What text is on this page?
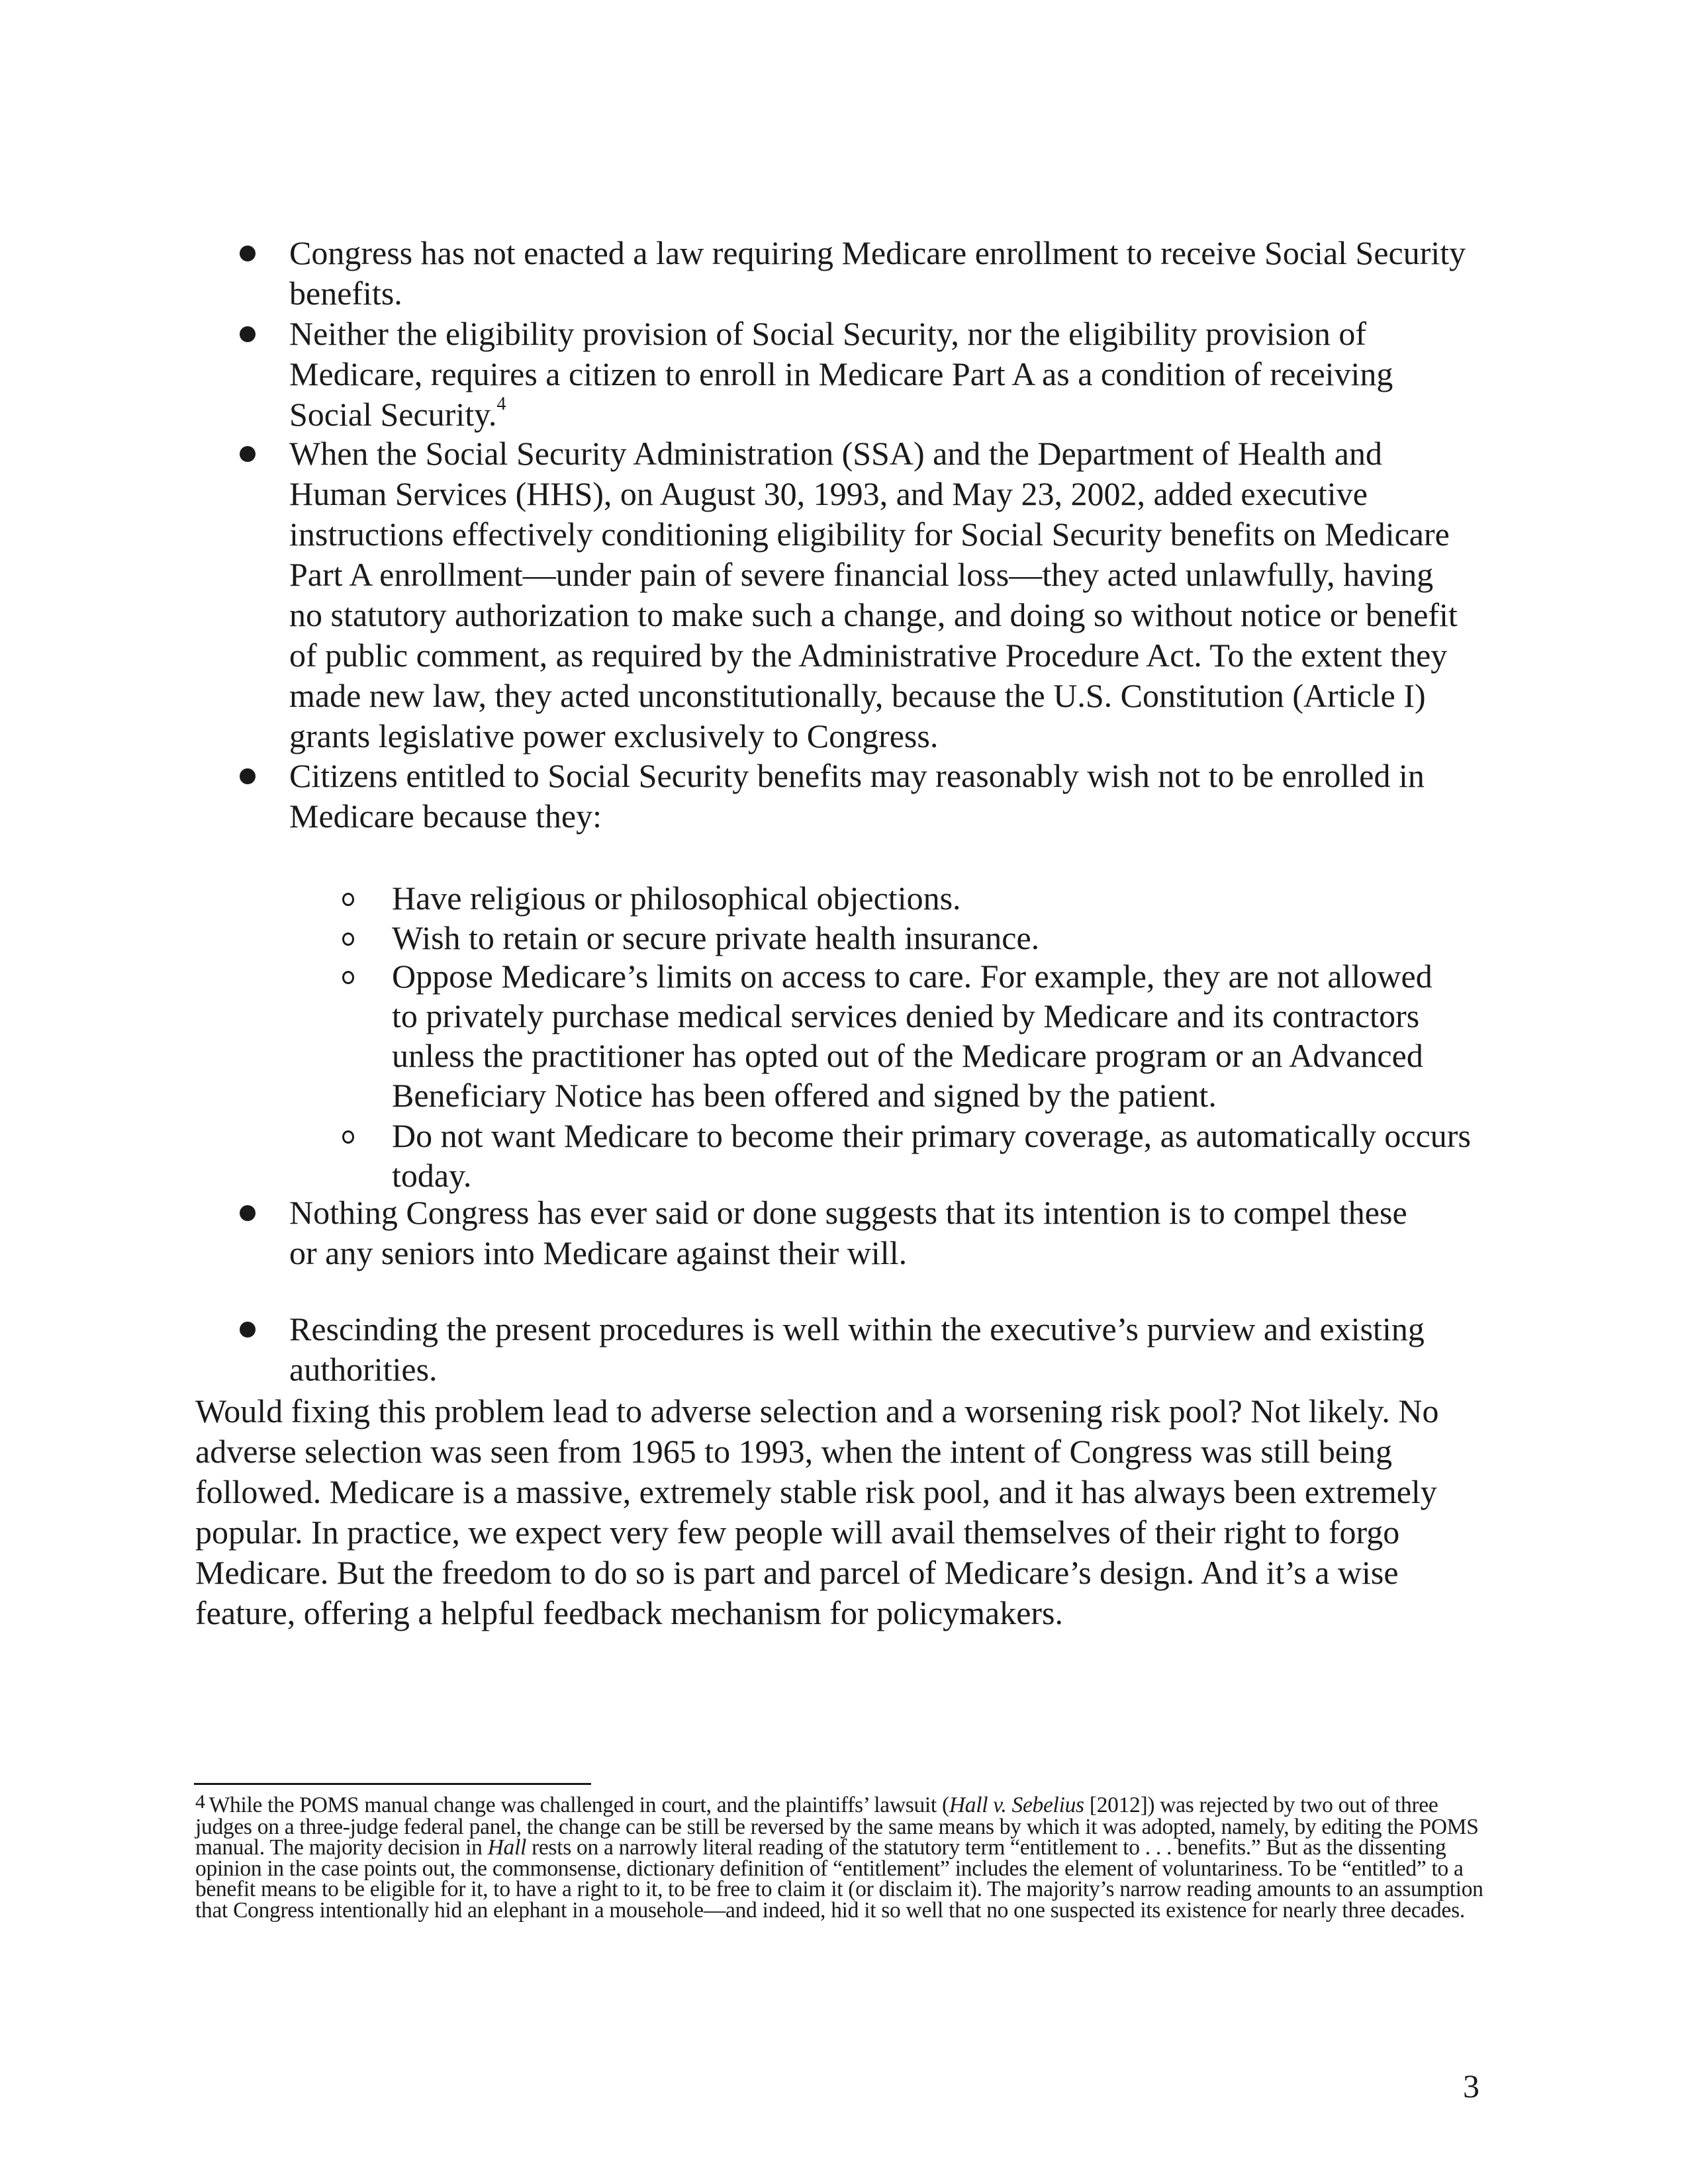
Congress has not enacted a law requiring Medicare enrollment to receive Social Security benefits.
Neither the eligibility provision of Social Security, nor the eligibility provision of Medicare, requires a citizen to enroll in Medicare Part A as a condition of receiving Social Security.$^4$
When the Social Security Administration (SSA) and the Department of Health and Human Services (HHS), on August 30, 1993, and May 23, 2002, added executive instructions effectively conditioning eligibility for Social Security benefits on Medicare Part A enrollment—under pain of severe financial loss—they acted unlawfully, having no statutory authorization to make such a change, and doing so without notice or benefit of public comment, as required by the Administrative Procedure Act. To the extent they made new law, they acted unconstitutionally, because the U.S. Constitution (Article I) grants legislative power exclusively to Congress.
Citizens entitled to Social Security benefits may reasonably wish not to be enrolled in Medicare because they:
Have religious or philosophical objections.
Wish to retain or secure private health insurance.
Oppose Medicare’s limits on access to care. For example, they are not allowed to privately purchase medical services denied by Medicare and its contractors unless the practitioner has opted out of the Medicare program or an Advanced Beneficiary Notice has been offered and signed by the patient.
Do not want Medicare to become their primary coverage, as automatically occurs today.
Nothing Congress has ever said or done suggests that its intention is to compel these or any seniors into Medicare against their will.
Rescinding the present procedures is well within the executive’s purview and existing authorities.
Would fixing this problem lead to adverse selection and a worsening risk pool? Not likely. No adverse selection was seen from 1965 to 1993, when the intent of Congress was still being followed. Medicare is a massive, extremely stable risk pool, and it has always been extremely popular. In practice, we expect very few people will avail themselves of their right to forgo Medicare. But the freedom to do so is part and parcel of Medicare’s design. And it’s a wise feature, offering a helpful feedback mechanism for policymakers.
4 While the POMS manual change was challenged in court, and the plaintiffs’ lawsuit (Hall v. Sebelius [2012]) was rejected by two out of three judges on a three-judge federal panel, the change can be still be reversed by the same means by which it was adopted, namely, by editing the POMS manual. The majority decision in Hall rests on a narrowly literal reading of the statutory term “entitlement to . . . benefits.” But as the dissenting opinion in the case points out, the commonsense, dictionary definition of “entitlement” includes the element of voluntariness. To be “entitled” to a benefit means to be eligible for it, to have a right to it, to be free to claim it (or disclaim it). The majority’s narrow reading amounts to an assumption that Congress intentionally hid an elephant in a mousehole—and indeed, hid it so well that no one suspected its existence for nearly three decades.
3
